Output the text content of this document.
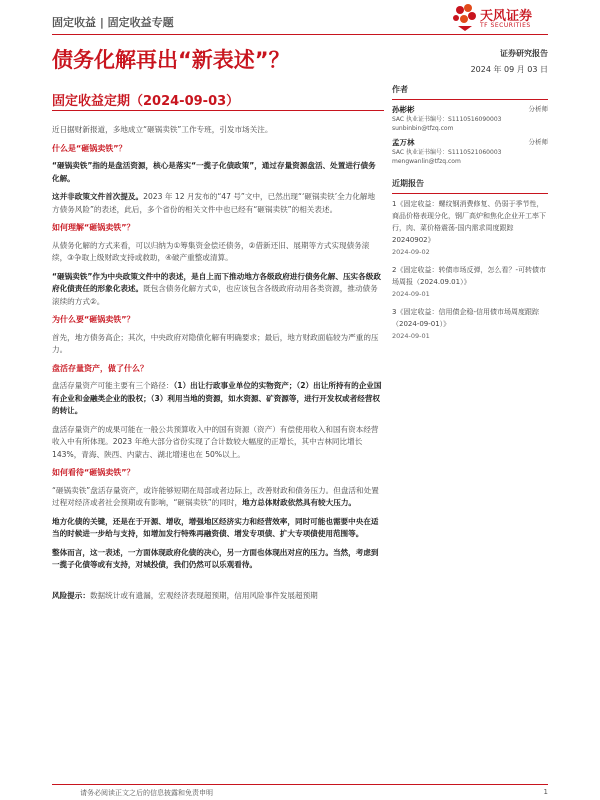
固定收益 | 固定收益专题	天风证券
TF SECURITIES
债务化解再出“新表述”？
固定收益定期（2024-09-03）
证券研究报告
2024 年 09 月 03 日

近日据财新报道，多地成立“砸锅卖铁”工作专班，引发市场关注。

什么是“砸锅卖铁”？

“砸锅卖铁”指的是盘活资源，核心是落实“一揽子化债政策”，通过存量资源盘活、处置进行债务化解。

这并非政策文件首次提及。2023 年 12 月发布的“47 号”文中，已然出现“‘砸锅卖铁’全力化解地方债务风险”的表述，此后，多个省份的相关文件中也已经有“砸锅卖铁”的相关表述。

如何理解“砸锅卖铁”？

从债务化解的方式来看，可以归纳为①筹集资金偿还债务，②借新还旧、展期等方式实现债务滚续，③争取上级财政支持或救助，④破产重整或清算。

“砸锅卖铁”作为中央政策文件中的表述，是自上而下推动地方各级政府进行债务化解、压实各级政府化债责任的形象化表述。既包含债务化解方式①，也应该包含各级政府动用各类资源，推动债务滚续的方式②。

为什么要“砸锅卖铁”？

首先，地方债务高企；其次，中央政府对隐债化解有明确要求；最后，地方财政面临较为严重的压力。

盘活存量资产，做了什么？

盘活存量资产可能主要有三个路径：（1）出让行政事业单位的实物资产；（2）出让所持有的企业国有企业和金融类企业的股权；（3）利用当地的资源，如水资源、矿资源等，进行开发权或者经营权的转让。

盘活存量资产的成果可能在一般公共预算收入中的国有资源（资产）有偿使用收入和国有资本经营收入中有所体现。2023 年绝大部分省份实现了合计数较大幅度的正增长，其中吉林同比增长 143%，青海、陕西、内蒙古、湖北增速也在 50%以上。

如何看待“砸锅卖铁”？

“砸锅卖铁”盘活存量资产，或许能够短期在局部或者边际上，改善财政和债务压力。但盘活和处置过程对经济或者社会预期或有影响，“砸锅卖铁”的同时，地方总体财政依然具有较大压力。

地方化债的关键，还是在于开源、增收，增强地区经济实力和经营效率，同时可能也需要中央在适当的时候进一步给与支持，如增加发行特殊再融资债、增发专项债、扩大专项债使用范围等。

整体而言，这一表述，一方面体现政府化债的决心，另一方面也体现出对应的压力。当然，考虑到一揽子化债等或有支持，对城投债，我们仍然可以乐观看待。

风险提示：数据统计或有遗漏，宏观经济表现超预期，信用风险事件发展超预期

作者
孙彬彬	分析师
SAC 执业证书编号：S1110516090003
sunbinbin@tfzq.com
孟万林	分析师
SAC 执业证书编号：S1110521060003
mengwanlin@tfzq.com
近期报告
1《固定收益：螺纹钢消费修复、仍弱于季节性，商品价格表现分化，钢厂高炉和焦化企业开工率下行，肉、菜价格震荡-国内需求周度跟踪 20240902》
2024-09-02
2《固定收益：转债市场反弹，怎么看？-可转债市场周报（2024.09.01）》
2024-09-01
3《固定收益：信用债企稳-信用债市场周度跟踪（2024-09-01）》
2024-09-01
请务必阅读正文之后的信息披露和免责申明	1
